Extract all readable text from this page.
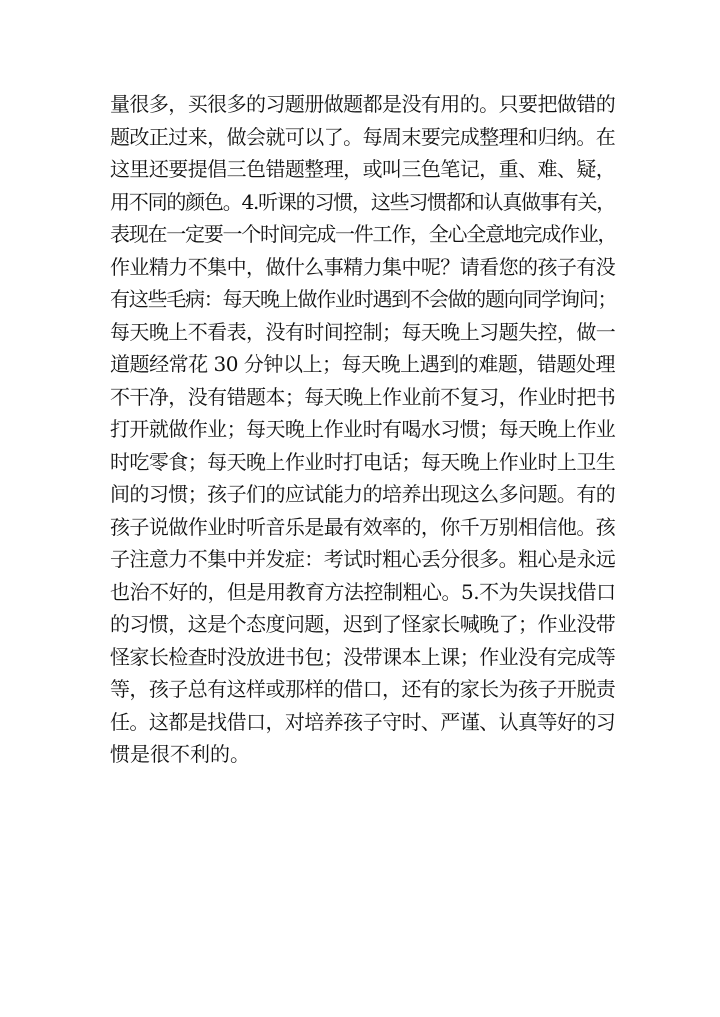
量很多，买很多的习题册做题都是没有用的。只要把做错的
题改正过来，做会就可以了。每周末要完成整理和归纳。在
这里还要提倡三色错题整理，或叫三色笔记，重、难、疑，
用不同的颜色。4.听课的习惯，这些习惯都和认真做事有关，
表现在一定要一个时间完成一件工作，全心全意地完成作业，
作业精力不集中，做什么事精力集中呢？请看您的孩子有没
有这些毛病：每天晚上做作业时遇到不会做的题向同学询问；
每天晚上不看表，没有时间控制；每天晚上习题失控，做一
道题经常花 30 分钟以上；每天晚上遇到的难题，错题处理
不干净，没有错题本；每天晚上作业前不复习，作业时把书
打开就做作业；每天晚上作业时有喝水习惯；每天晚上作业
时吃零食；每天晚上作业时打电话；每天晚上作业时上卫生
间的习惯；孩子们的应试能力的培养出现这么多问题。有的
孩子说做作业时听音乐是最有效率的，你千万别相信他。孩
子注意力不集中并发症：考试时粗心丢分很多。粗心是永远
也治不好的，但是用教育方法控制粗心。5.不为失误找借口
的习惯，这是个态度问题，迟到了怪家长喊晚了；作业没带
怪家长检查时没放进书包；没带课本上课；作业没有完成等
等，孩子总有这样或那样的借口，还有的家长为孩子开脱责
任。这都是找借口，对培养孩子守时、严谨、认真等好的习
惯是很不利的。
